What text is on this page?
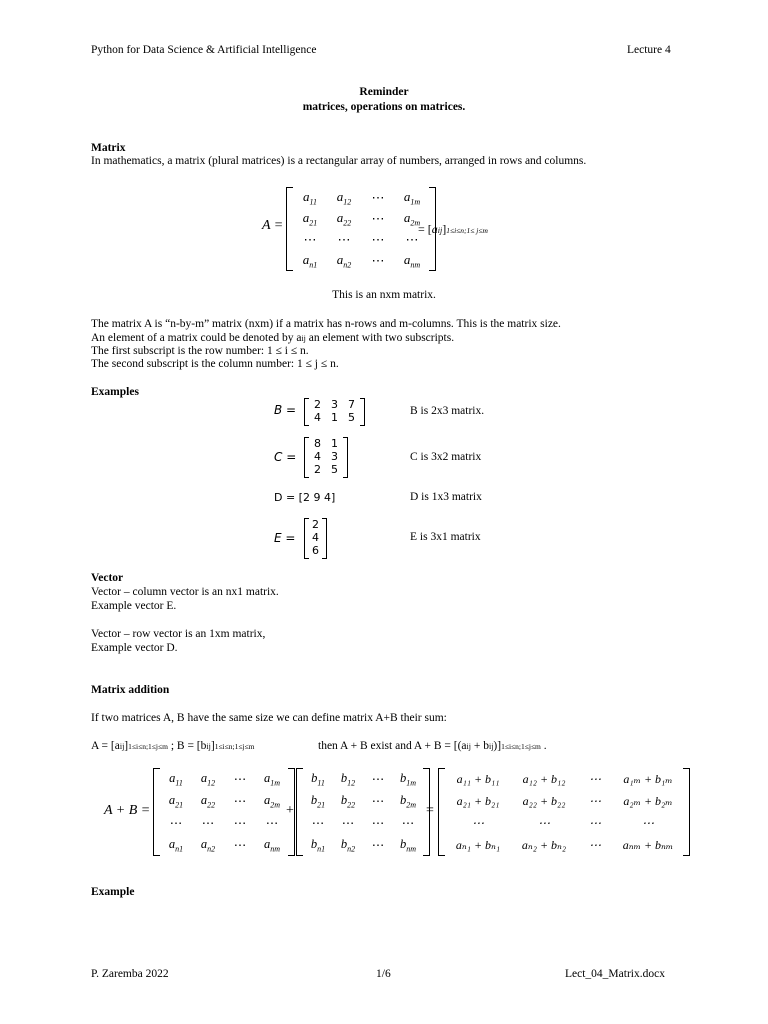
Python for Data Science & Artificial Intelligence	Lecture 4
Reminder
matrices, operations on matrices.
Matrix
In mathematics, a matrix (plural matrices) is a rectangular array of numbers, arranged in rows and columns.
A =
$a_{11}$ $a_{12}$ ⋯ $a_{1m}$
$a_{21}$ $a_{22}$ ⋯ $a_{2m}$
⋯ ⋯ ⋯ ⋯
$a_{n1}$ $a_{n2}$ ⋯ $a_{nm}$
= [aij]1≤i≤n;1≤ j≤m
This is an nxm matrix.
The matrix A is “n-by-m” matrix (nxm) if a matrix has n-rows and m-columns. This is the matrix size.
An element of a matrix could be denoted by aij an element with two subscripts.
The first subscript is the row number: 1 ≤ i ≤ n.
The second subscript is the column number: 1 ≤ j ≤ n.
Examples
B = 2 3 7
4 1 5	B is 2x3 matrix.
C =
8 1
4 3
2 5
C is 3x2 matrix
D = [2 9 4]	D is 1x3 matrix
E =
2
4
6
E is 3x1 matrix
Vector
Vector – column vector is an nx1 matrix.
Example vector E.
Vector – row vector is an 1xm matrix,
Example vector D.
Matrix addition
If two matrices A, B have the same size we can define matrix A+B their sum:
A = [aij]1≤i≤n;1≤j≤m ; B = [bij]1≤i≤n;1≤j≤m	then A + B exist and A + B = [(aij + bij)]1≤i≤n;1≤j≤m .
A + B =
$a_{11}$ $a_{12}$ ⋯ $a_{1m}$
$a_{21}$ $a_{22}$ ⋯ $a_{2m}$
⋯ ⋯ ⋯ ⋯
$a_{n1}$ $a_{n2}$ ⋯ $a_{nm}$
+
$b_{11}$ $b_{12}$ ⋯ $b_{1m}$
$b_{21}$ $b_{22}$ ⋯ $b_{2m}$
⋯ ⋯ ⋯ ⋯
$b_{n1}$ $b_{n2}$ ⋯ $b_{nm}$
=
a₁₁ + b₁₁ a₁₂ + b₁₂ ⋯ a₁ₘ + b₁ₘ
a₂₁ + b₂₁ a₂₂ + b₂₂ ⋯ a₂ₘ + b₂ₘ
⋯	⋯	⋯	⋯
aₙ₁ + bₙ₁ aₙ₂ + bₙ₂ ⋯ aₙₘ + bₙₘ
Example
P. Zaremba 2022	1/6	Lect_04_Matrix.docx
